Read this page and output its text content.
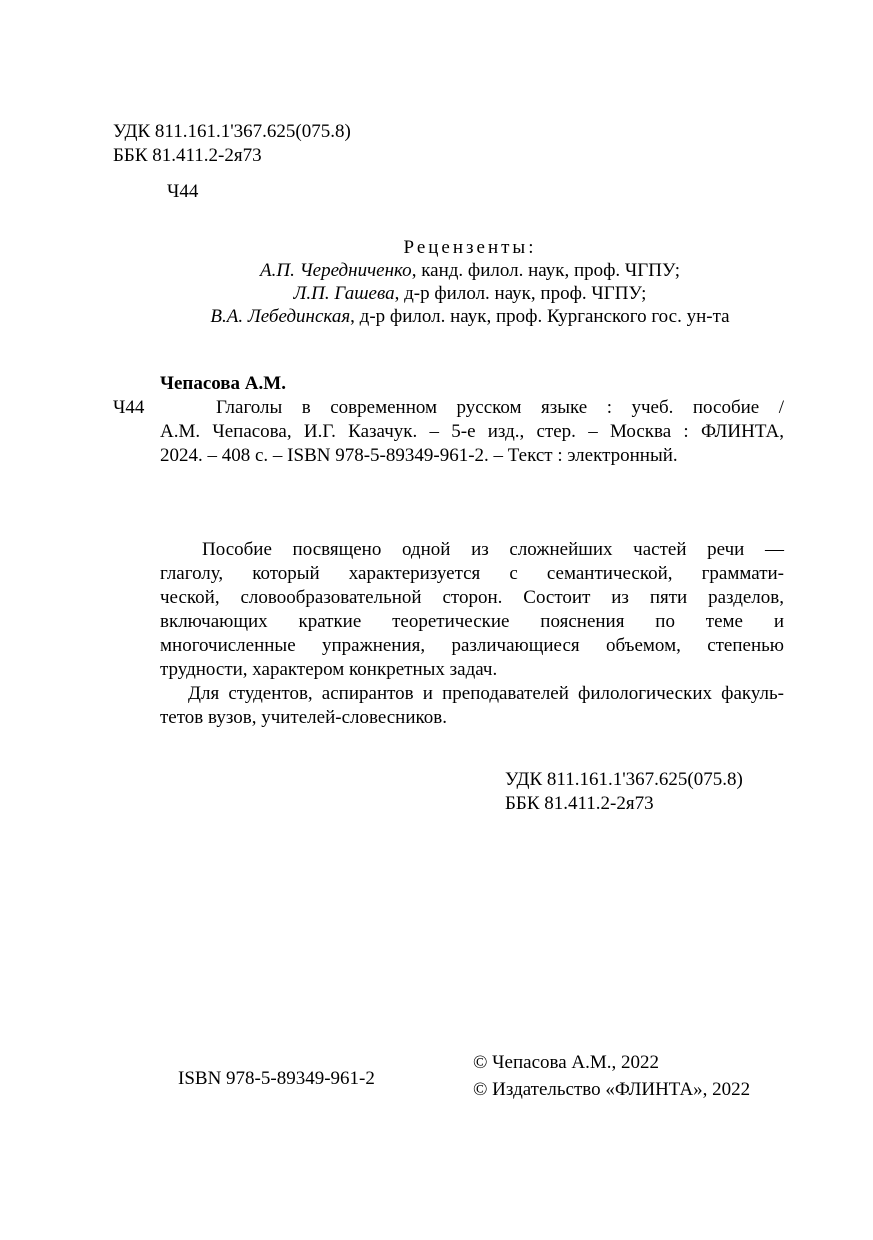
УДК 811.161.1'367.625(075.8)
ББК 81.411.2-2я73
Ч44
Рецензенты:
А.П. Чередниченко, канд. филол. наук, проф. ЧГПУ;
Л.П. Гашева, д-р филол. наук, проф. ЧГПУ;
В.А. Лебединская, д-р филол. наук, проф. Курганского гос. ун-та
Чепасова А.М.
Ч44	Глаголы в современном русском языке : учеб. пособие /
А.М. Чепасова, И.Г. Казачук. – 5-е изд., стер. – Москва : ФЛИНТА,
2024. – 408 с. – ISBN 978-5-89349-961-2. – Текст : электронный.
Пособие посвящено одной из сложнейших частей речи —
глаголу, который характеризуется с семантической, граммати-
ческой, словообразовательной сторон. Состоит из пяти разделов,
включающих краткие теоретические пояснения по теме и
многочисленные упражнения, различающиеся объемом, степенью
трудности, характером конкретных задач.
Для студентов, аспирантов и преподавателей филологических факуль-
тетов вузов, учителей-словесников.
УДК 811.161.1'367.625(075.8)
ББК 81.411.2-2я73
ISBN 978-5-89349-961-2
© Чепасова А.М., 2022
© Издательство «ФЛИНТА», 2022
